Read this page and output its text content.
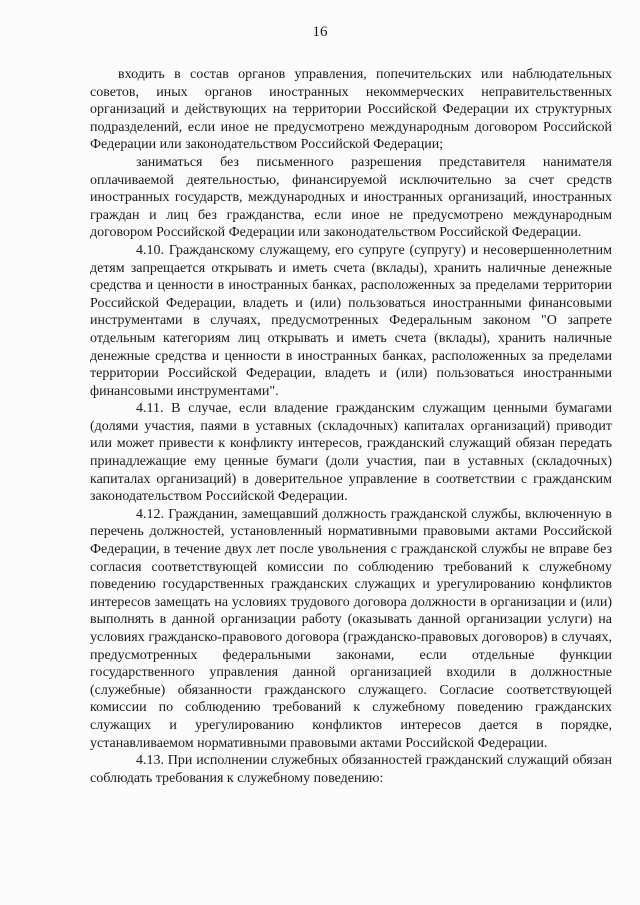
16

входить в состав органов управления, попечительских или наблюдательных советов, иных органов иностранных некоммерческих неправительственных организаций и действующих на территории Российской Федерации их структурных подразделений, если иное не предусмотрено международным договором Российской Федерации или законодательством Российской Федерации;

заниматься без письменного разрешения представителя нанимателя оплачиваемой деятельностью, финансируемой исключительно за счет средств иностранных государств, международных и иностранных организаций, иностранных граждан и лиц без гражданства, если иное не предусмотрено международным договором Российской Федерации или законодательством Российской Федерации.

4.10. Гражданскому служащему, его супруге (супругу) и несовершеннолетним детям запрещается открывать и иметь счета (вклады), хранить наличные денежные средства и ценности в иностранных банках, расположенных за пределами территории Российской Федерации, владеть и (или) пользоваться иностранными финансовыми инструментами в случаях, предусмотренных Федеральным законом "О запрете отдельным категориям лиц открывать и иметь счета (вклады), хранить наличные денежные средства и ценности в иностранных банках, расположенных за пределами территории Российской Федерации, владеть и (или) пользоваться иностранными финансовыми инструментами".

4.11. В случае, если владение гражданским служащим ценными бумагами (долями участия, паями в уставных (складочных) капиталах организаций) приводит или может привести к конфликту интересов, гражданский служащий обязан передать принадлежащие ему ценные бумаги (доли участия, паи в уставных (складочных) капиталах организаций) в доверительное управление в соответствии с гражданским законодательством Российской Федерации.

4.12. Гражданин, замещавший должность гражданской службы, включенную в перечень должностей, установленный нормативными правовыми актами Российской Федерации, в течение двух лет после увольнения с гражданской службы не вправе без согласия соответствующей комиссии по соблюдению требований к служебному поведению государственных гражданских служащих и урегулированию конфликтов интересов замещать на условиях трудового договора должности в организации и (или) выполнять в данной организации работу (оказывать данной организации услуги) на условиях гражданско-правового договора (гражданско-правовых договоров) в случаях, предусмотренных федеральными законами, если отдельные функции государственного управления данной организацией входили в должностные (служебные) обязанности гражданского служащего. Согласие соответствующей комиссии по соблюдению требований к служебному поведению гражданских служащих и урегулированию конфликтов интересов дается в порядке, устанавливаемом нормативными правовыми актами Российской Федерации.

4.13. При исполнении служебных обязанностей гражданский служащий обязан соблюдать требования к служебному поведению:
